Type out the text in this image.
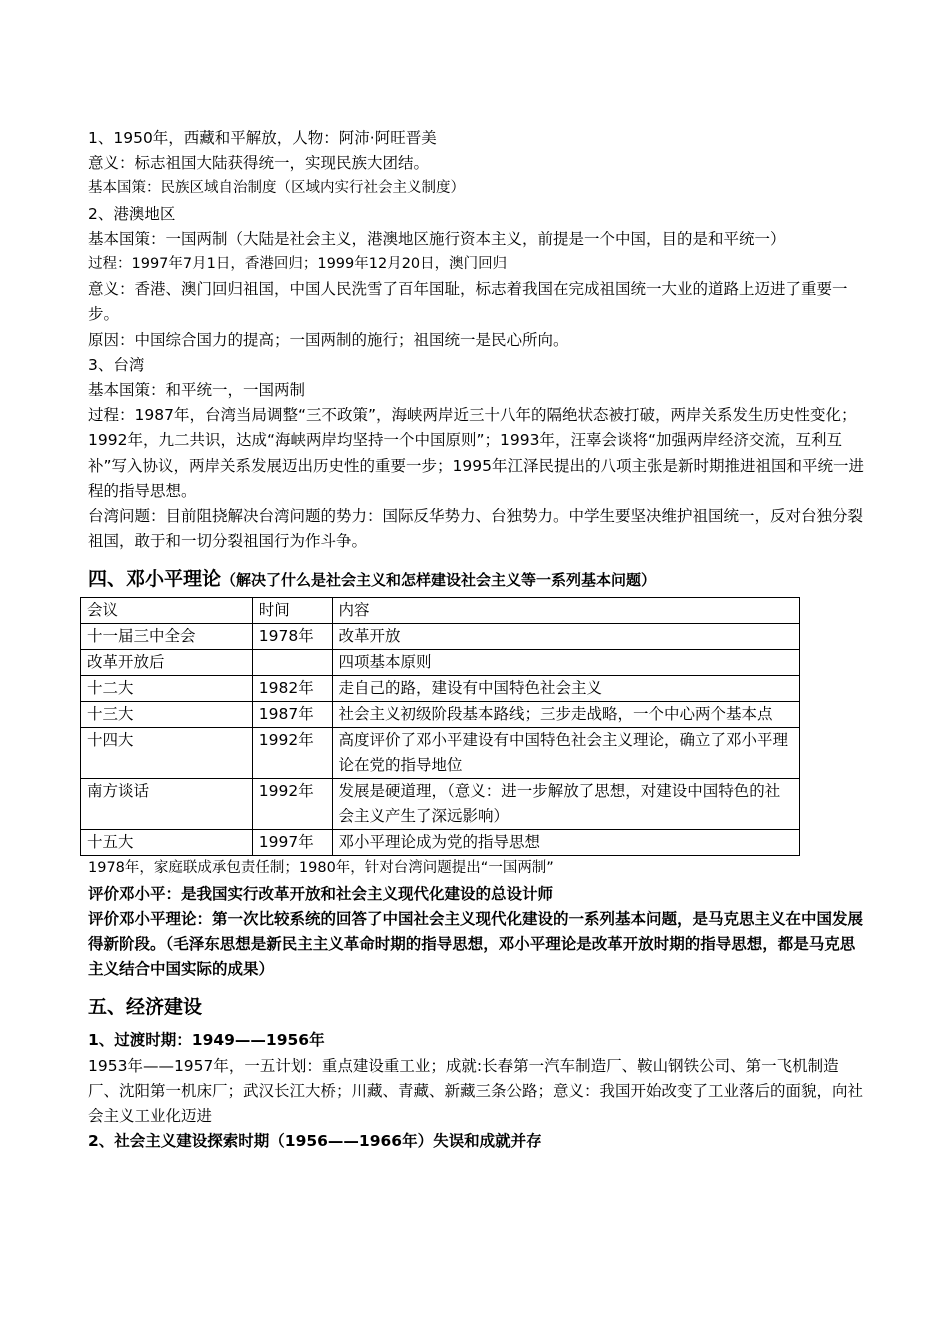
1、1950年，西藏和平解放，人物：阿沛·阿旺晋美

意义：标志祖国大陆获得统一，实现民族大团结。

基本国策：民族区域自治制度（区域内实行社会主义制度）

2、港澳地区

基本国策：一国两制（大陆是社会主义，港澳地区施行资本主义，前提是一个中国，目的是和平统一）

过程：1997年7月1日，香港回归；1999年12月20日，澳门回归

意义：香港、澳门回归祖国，中国人民洗雪了百年国耻，标志着我国在完成祖国统一大业的道路上迈进了重要一步。

原因：中国综合国力的提高；一国两制的施行；祖国统一是民心所向。

3、台湾

基本国策：和平统一，一国两制

过程：1987年，台湾当局调整“三不政策”，海峡两岸近三十八年的隔绝状态被打破，两岸关系发生历史性变化；1992年，九二共识，达成“海峡两岸均坚持一个中国原则”；1993年，汪辜会谈将“加强两岸经济交流，互利互补”写入协议，两岸关系发展迈出历史性的重要一步；1995年江泽民提出的八项主张是新时期推进祖国和平统一进程的指导思想。

台湾问题：目前阻挠解决台湾问题的势力：国际反华势力、台独势力。中学生要坚决维护祖国统一，反对台独分裂祖国，敢于和一切分裂祖国行为作斗争。

四、邓小平理论（解决了什么是社会主义和怎样建设社会主义等一系列基本问题）
会议	时间	内容
十一届三中全会	1978年	改革开放
改革开放后		四项基本原则
十二大	1982年	走自己的路，建设有中国特色社会主义
十三大	1987年	社会主义初级阶段基本路线；三步走战略，一个中心两个基本点
十四大	1992年	高度评价了邓小平建设有中国特色社会主义理论，确立了邓小平理论在党的指导地位
南方谈话	1992年	发展是硬道理，（意义：进一步解放了思想，对建设中国特色的社会主义产生了深远影响）
十五大	1997年	邓小平理论成为党的指导思想

1978年，家庭联成承包责任制；1980年，针对台湾问题提出“一国两制”

评价邓小平：是我国实行改革开放和社会主义现代化建设的总设计师

评价邓小平理论：第一次比较系统的回答了中国社会主义现代化建设的一系列基本问题，是马克思主义在中国发展得新阶段。（毛泽东思想是新民主主义革命时期的指导思想，邓小平理论是改革开放时期的指导思想，都是马克思主义结合中国实际的成果）

五、经济建设

1、过渡时期：1949——1956年

1953年——1957年，一五计划：重点建设重工业；成就:长春第一汽车制造厂、鞍山钢铁公司、第一飞机制造厂、沈阳第一机床厂；武汉长江大桥；川藏、青藏、新藏三条公路；意义：我国开始改变了工业落后的面貌，向社会主义工业化迈进

2、社会主义建设探索时期（1956——1966年）失误和成就并存
